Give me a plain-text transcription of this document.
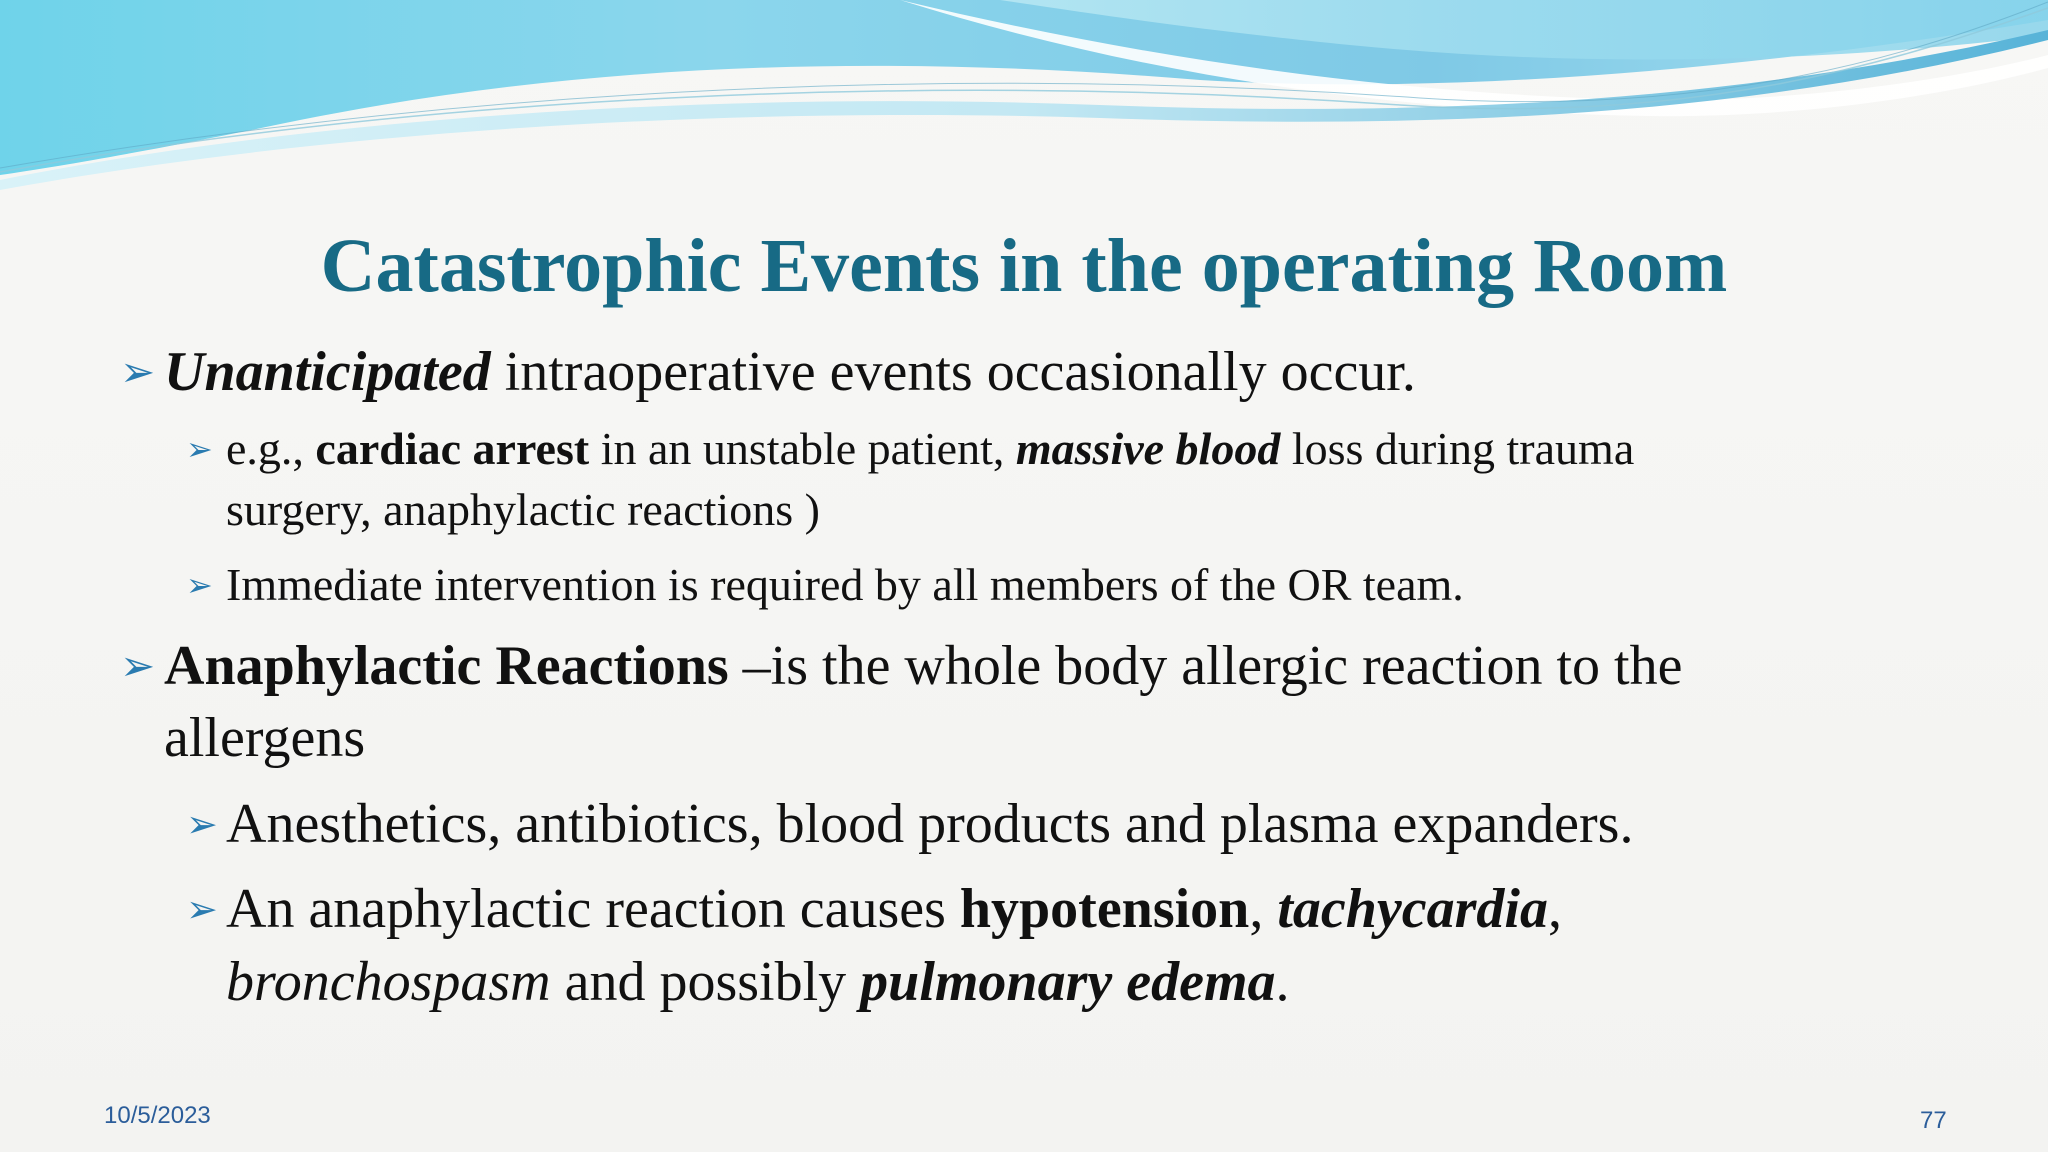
Catastrophic Events in the operating Room
➢ Unanticipated intraoperative events occasionally occur.
➢ e.g., cardiac arrest in an unstable patient, massive blood loss during trauma
surgery, anaphylactic reactions )
➢ Immediate intervention is required by all members of the OR team.
➢ Anaphylactic Reactions –is the whole body allergic reaction to the
allergens
➢ Anesthetics, antibiotics, blood products and plasma expanders.
➢ An anaphylactic reaction causes hypotension, tachycardia,
bronchospasm and possibly pulmonary edema.
10/5/2023	77
